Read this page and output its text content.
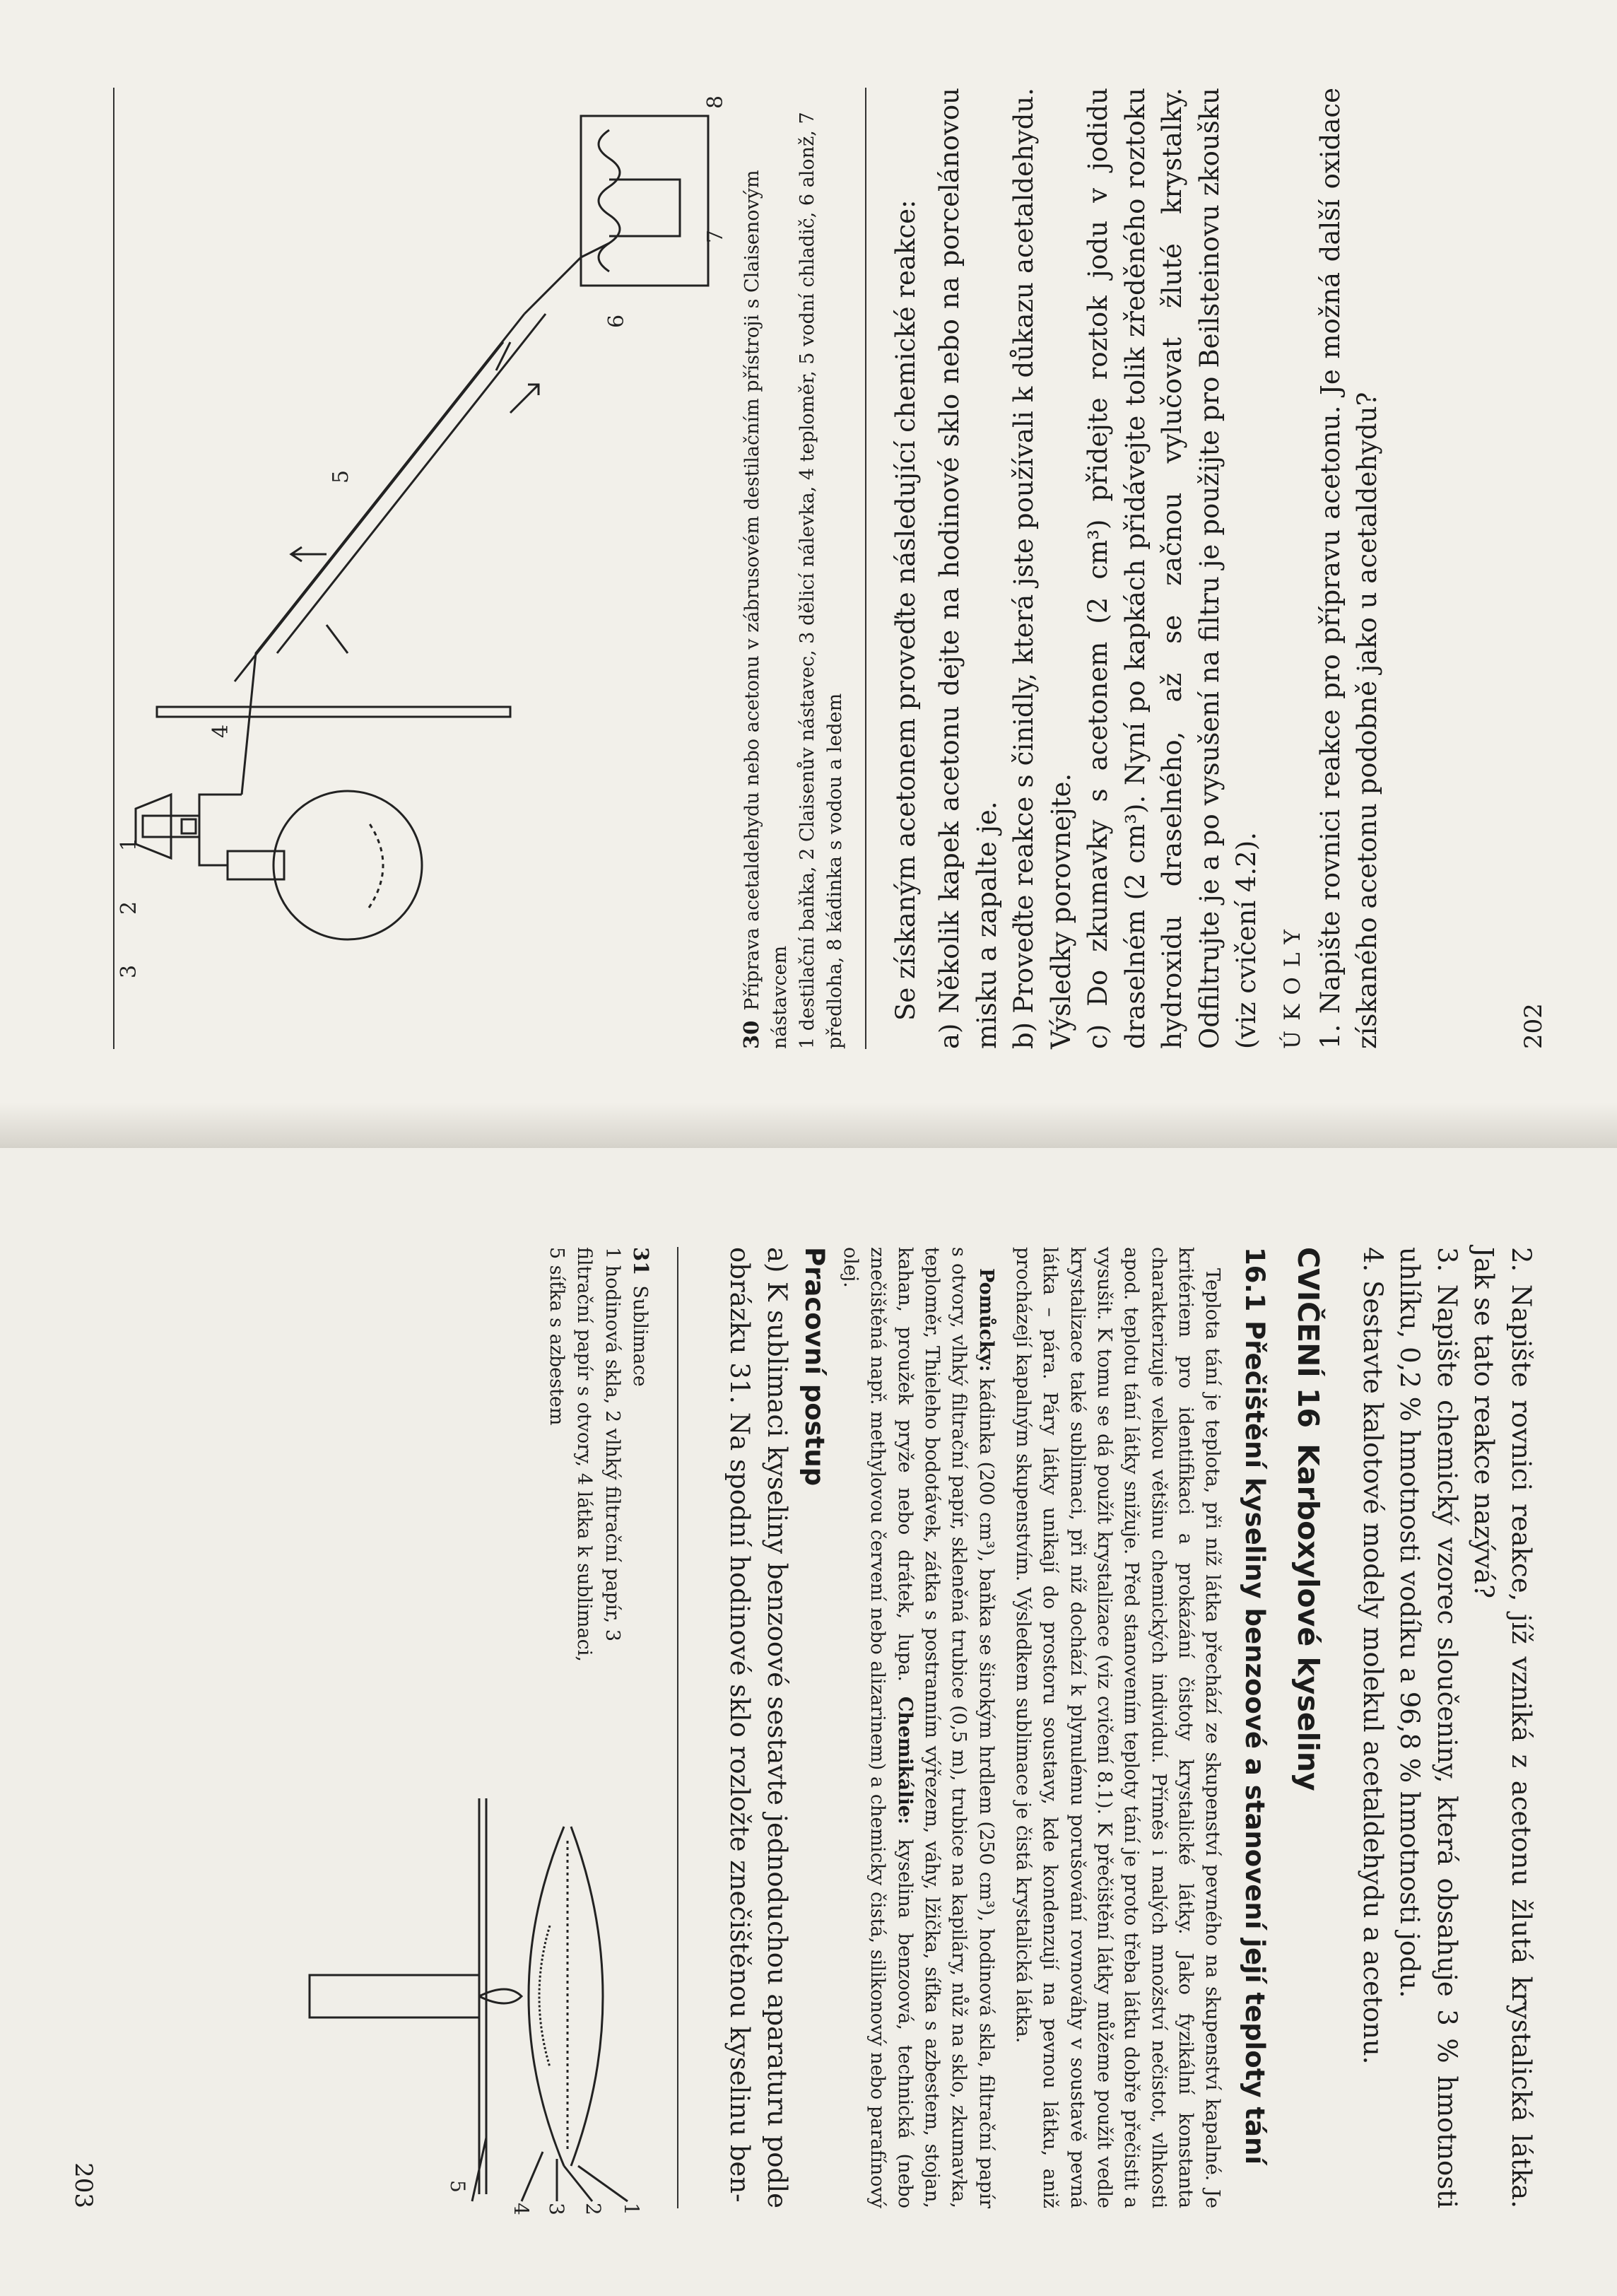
1
2
3
4
5
6
7
8

30Příprava acetaldehydu nebo acetonu v zábrusovém destilačním přístroji s Claisenovým nástavcem 1 destilační baňka, 2 Claisenův nástavec, 3 dělicí nálevka, 4 teploměr, 5 vodní chladič, 6 alonž, 7 předloha, 8 kádinka s vodou a ledem Se získaným acetonem proveďte následující chemické reakce: a) Několik kapek acetonu dejte na hodinové sklo nebo na porcelánovou misku a zapalte je. b) Proveďte reakce s činidly, která jste používali k důkazu acetaldehydu. Výsledky porovnejte. c) Do zkumavky s acetonem (2 cm³) přidejte roztok jodu v jodidu draselném (2 cm³). Nyní po kapkách přidávejte tolik zředěného roztoku hydroxidu draselného, až se začnou vylučovat žluté krystalky. Odfiltrujte je a po vysušení na filtru je použijte pro Beilsteinovu zkoušku (viz cvičení 4.2). ÚKOLY 1. Napište rovnici reakce pro přípravu acetonu. Je možná další oxidace získaného acetonu podobně jako u acetaldehydu?	202

2. Napište rovnici reakce, jíž vzniká z acetonu žlutá krystalická látka. Jak se tato reakce nazývá?

3. Napište chemický vzorec sloučeniny, která obsahuje 3 % hmotnosti uhlíku, 0,2 % hmotnosti vodíku a 96,8 % hmotnosti jodu.

4. Sestavte kalotové modely molekul acetaldehydu a acetonu.

CVIČENÍ 16Karboxylové kyseliny

16.1 Přečištění kyseliny benzoové a stanovení její teploty tání

Teplota tání je teplota, při níž látka přechází ze skupenství pevného na skupenství kapalné. Je kritériem pro identifikaci a prokázání čistoty krystalické látky. Jako fyzikální konstanta charakterizuje velkou většinu chemických individuí. Příměs i malých množství nečistot, vlhkosti apod. teplotu tání látky snižuje. Před stanovením teploty tání je proto třeba látku dobře přečistit a vysušit. K tomu se dá použít krystalizace (viz cvičení 8.1). K přečištění látky můžeme použít vedle krystalizace také sublimaci, při níž dochází k plynulému porušování rovnováhy v soustavě pevná látka – pára. Páry látky unikají do prostoru soustavy, kde kondenzují na pevnou látku, aniž procházejí kapalným skupenstvím. Výsledkem sublimace je čistá krystalická látka.

Pomůcky: kádinka (200 cm³), baňka se širokým hrdlem (250 cm³), hodinová skla, filtrační papír s otvory, vlhký filtrační papír, skleněná trubice (0,5 m), trubice na kapiláry, nůž na sklo, zkumavka, teploměr, Thieleho bodotávek, zátka s postranním výřezem, váhy, lžička, síťka s azbestem, stojan, kahan, proužek pryže nebo drátek, lupa. Chemikálie: kyselina benzoová, technická (nebo znečištěná např. methylovou červení nebo alizarinem) a chemicky čistá, silikonový nebo parafínový olej.

Pracovní postup

a) K sublimaci kyseliny benzoové sestavte jednoduchou aparaturu podle obrázku 31. Na spodní hodinové sklo rozložte znečištěnou kyselinu ben-

31Sublimace

1 hodinová skla, 2 vlhký filtrační papír, 3 filtrační papír s otvory, 4 látka k sublimaci, 5 síťka s azbestem

1
2
3
4
5
203
